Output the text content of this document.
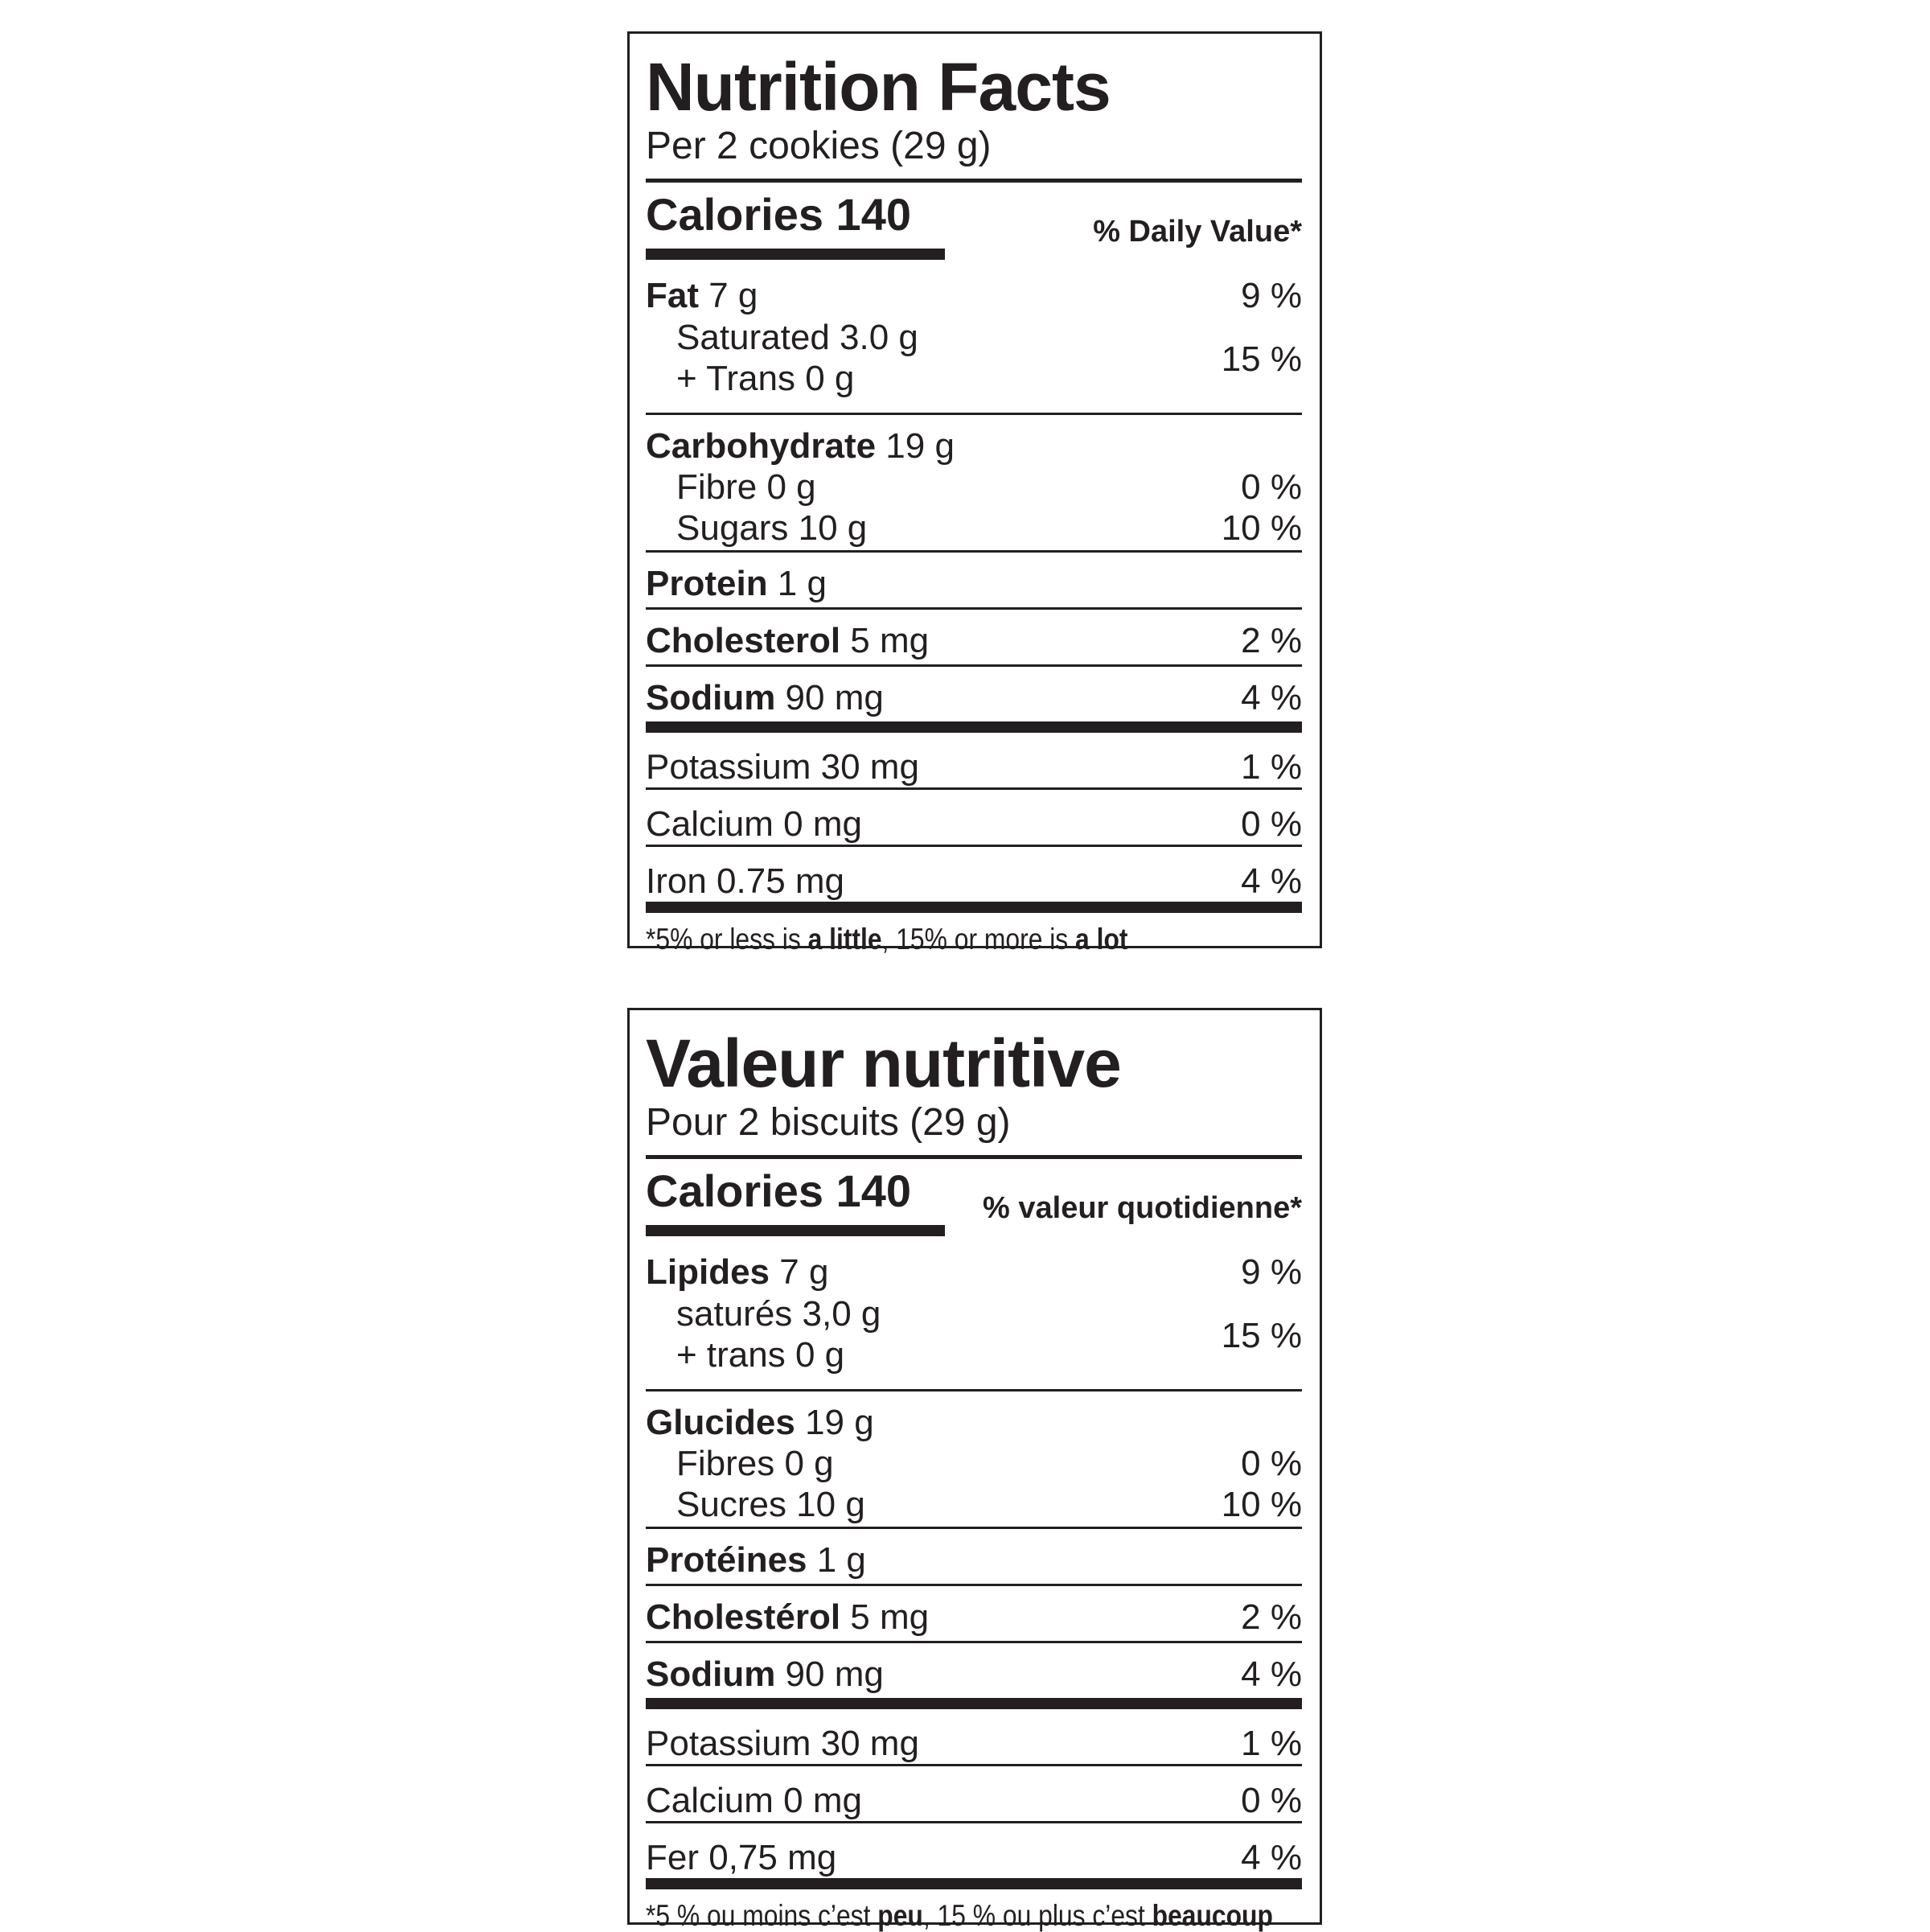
Nutrition Facts
Per 2 cookies (29 g)
Calories 140	% Daily Value*
Fat 7 g	9 %
Saturated 3.0 g
+ Trans 0 g	15 %
Carbohydrate 19 g
Fibre 0 g	0 %
Sugars 10 g	10 %
Protein 1 g
Cholesterol 5 mg	2 %
Sodium 90 mg	4 %
Potassium 30 mg	1 %
Calcium 0 mg	0 %
Iron 0.75 mg	4 %
*5% or less is a little, 15% or more is a lot
Valeur nutritive
Pour 2 biscuits (29 g)
Calories 140 % valeur quotidienne*
Lipides 7 g	9 %
saturés 3,0 g
+ trans 0 g	15 %
Glucides 19 g
Fibres 0 g	0 %
Sucres 10 g	10 %
Protéines 1 g
Cholestérol 5 mg	2 %
Sodium 90 mg	4 %
Potassium 30 mg	1 %
Calcium 0 mg	0 %
Fer 0,75 mg	4 %
*5 % ou moins c’est peu, 15 % ou plus c’est beaucoup
